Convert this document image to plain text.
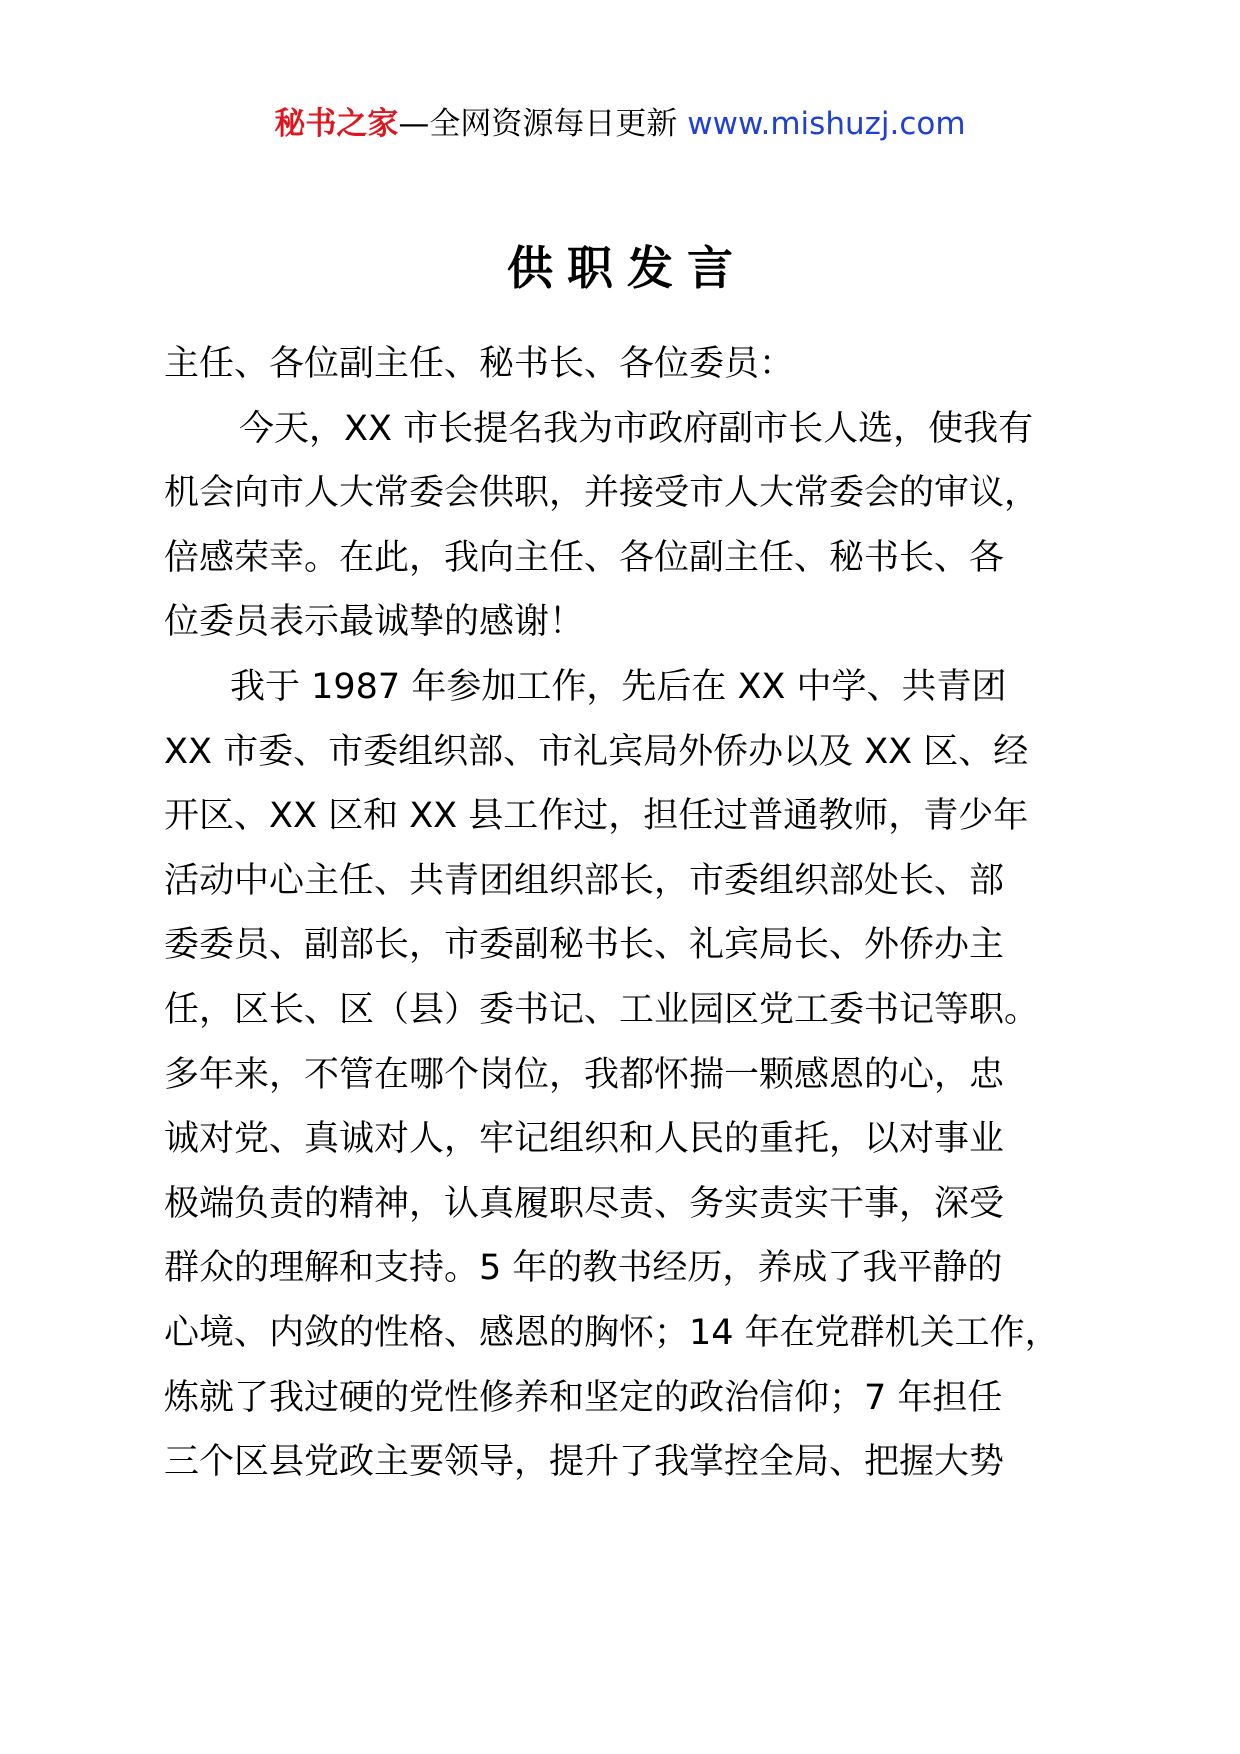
秘书之家—全网资源每日更新 www.mishuzj.com
供职发言
主任、各位副主任、秘书长、各位委员：
今天，XX 市长提名我为市政府副市长人选，使我有
机会向市人大常委会供职，并接受市人大常委会的审议，
倍感荣幸。在此，我向主任、各位副主任、秘书长、各
位委员表示最诚挚的感谢！
我于 1987 年参加工作，先后在 XX 中学、共青团
XX 市委、市委组织部、市礼宾局外侨办以及 XX 区、经
开区、XX 区和 XX 县工作过，担任过普通教师，青少年
活动中心主任、共青团组织部长，市委组织部处长、部
委委员、副部长，市委副秘书长、礼宾局长、外侨办主
任，区长、区（县）委书记、工业园区党工委书记等职。
多年来，不管在哪个岗位，我都怀揣一颗感恩的心，忠
诚对党、真诚对人，牢记组织和人民的重托，以对事业
极端负责的精神，认真履职尽责、务实责实干事，深受
群众的理解和支持。5 年的教书经历，养成了我平静的
心境、内敛的性格、感恩的胸怀；14 年在党群机关工作，
炼就了我过硬的党性修养和坚定的政治信仰；7 年担任
三个区县党政主要领导，提升了我掌控全局、把握大势
